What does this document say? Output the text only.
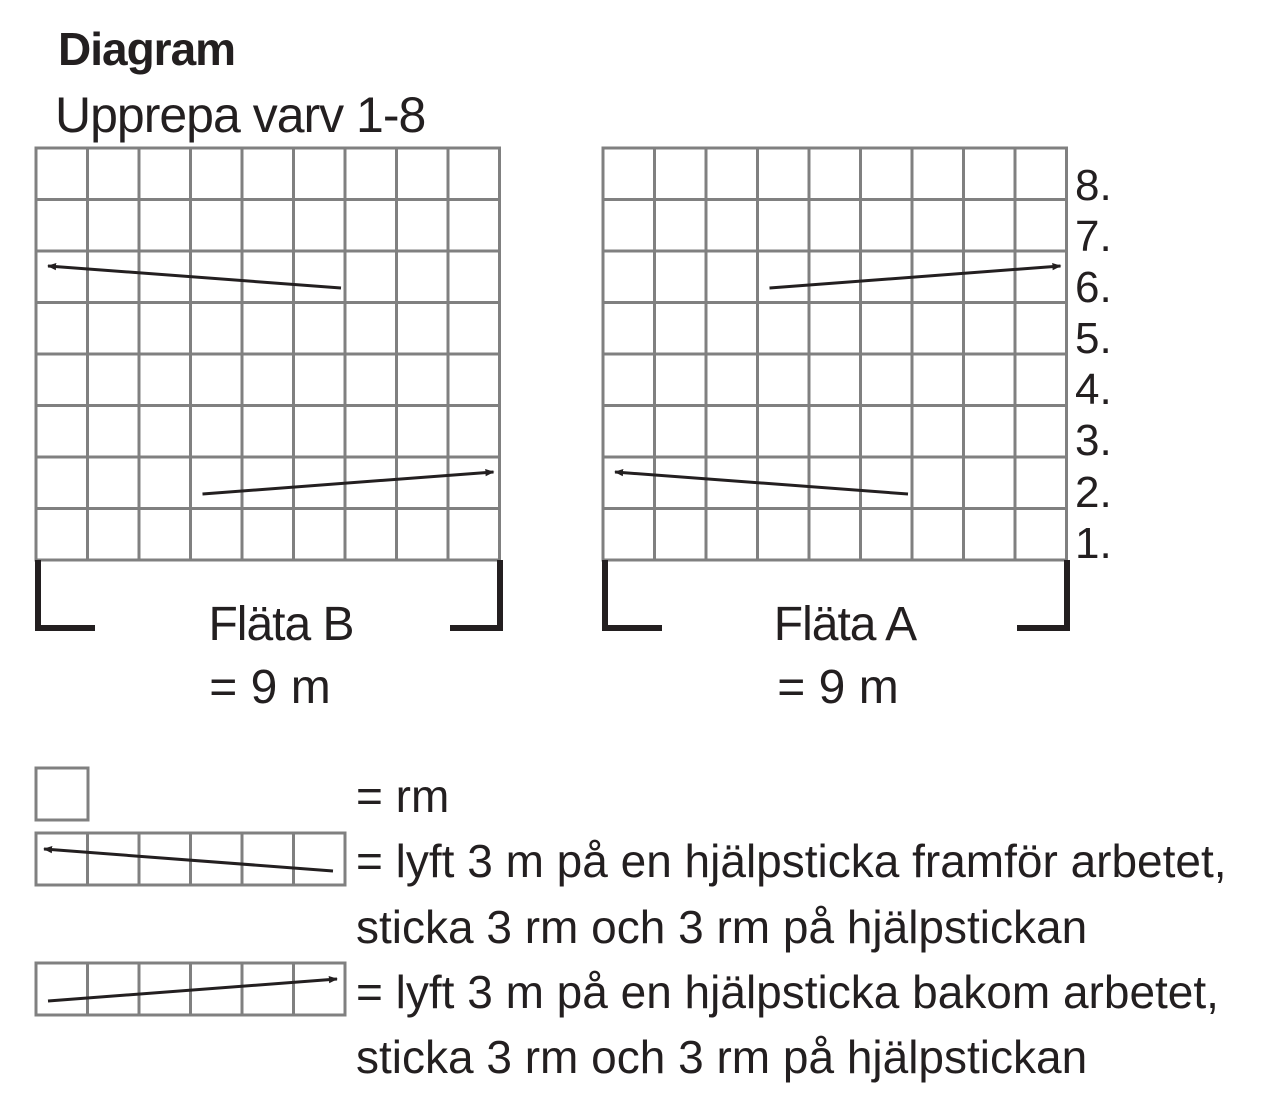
Diagram
Upprepa varv 1-8
Fläta B
= 9 m
Fläta A
= 9 m
8.
7.
6.
5.
4.
3.
2.
1.
= rm
= lyft 3 m på en hjälpsticka framför arbetet,
sticka 3 rm och 3 rm på hjälpstickan
= lyft 3 m på en hjälpsticka bakom arbetet,
sticka 3 rm och 3 rm på hjälpstickan
